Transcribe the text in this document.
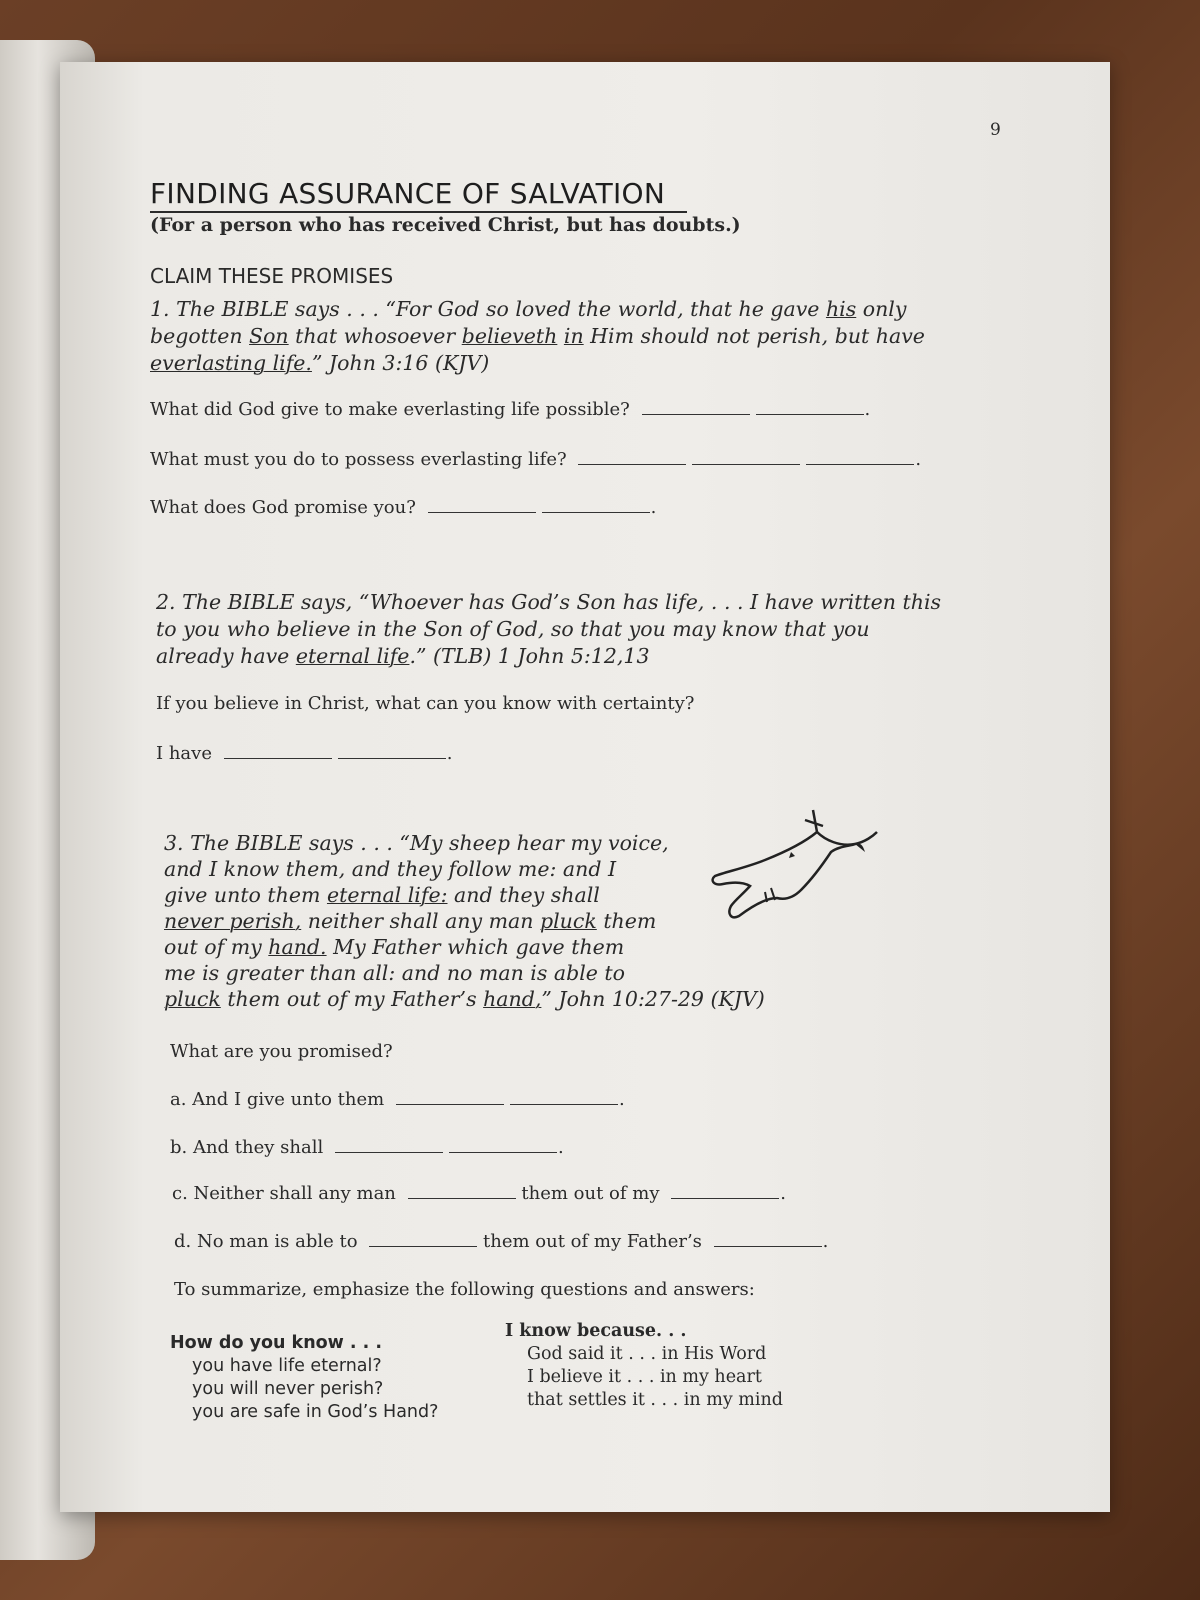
9
FINDING ASSURANCE OF SALVATION
(For a person who has received Christ, but has doubts.)
CLAIM THESE PROMISES
1. The BIBLE says . . . “For God so loved the world, that he gave his only begotten Son that whosoever believeth in Him should not perish, but have everlasting life.” John 3:16 (KJV)
What did God give to make everlasting life possible?	.
What must you do to possess everlasting life?	.
What does God promise you?	.
2. The BIBLE says, “Whoever has God’s Son has life, . . . I have written this to you who believe in the Son of God, so that you may know that you already have eternal life.” (TLB) 1 John 5:12,13
If you believe in Christ, what can you know with certainty?
I have	.
3. The BIBLE says . . . “My sheep hear my voice,
and I know them, and they follow me: and I
give unto them eternal life: and they shall
never perish, neither shall any man pluck them
out of my hand. My Father which gave them
me is greater than all: and no man is able to
pluck them out of my Father’s hand,” John 10:27-29 (KJV)
What are you promised?
a. And I give unto them	.
b. And they shall	.
c. Neither shall any man	them out of my	.
d. No man is able to	them out of my Father’s	.
To summarize, emphasize the following questions and answers:
How do you know . . .
you have life eternal?
you will never perish?
you are safe in God’s Hand?
I know because. . .
God said it . . . in His Word
I believe it . . . in my heart
that settles it . . . in my mind
